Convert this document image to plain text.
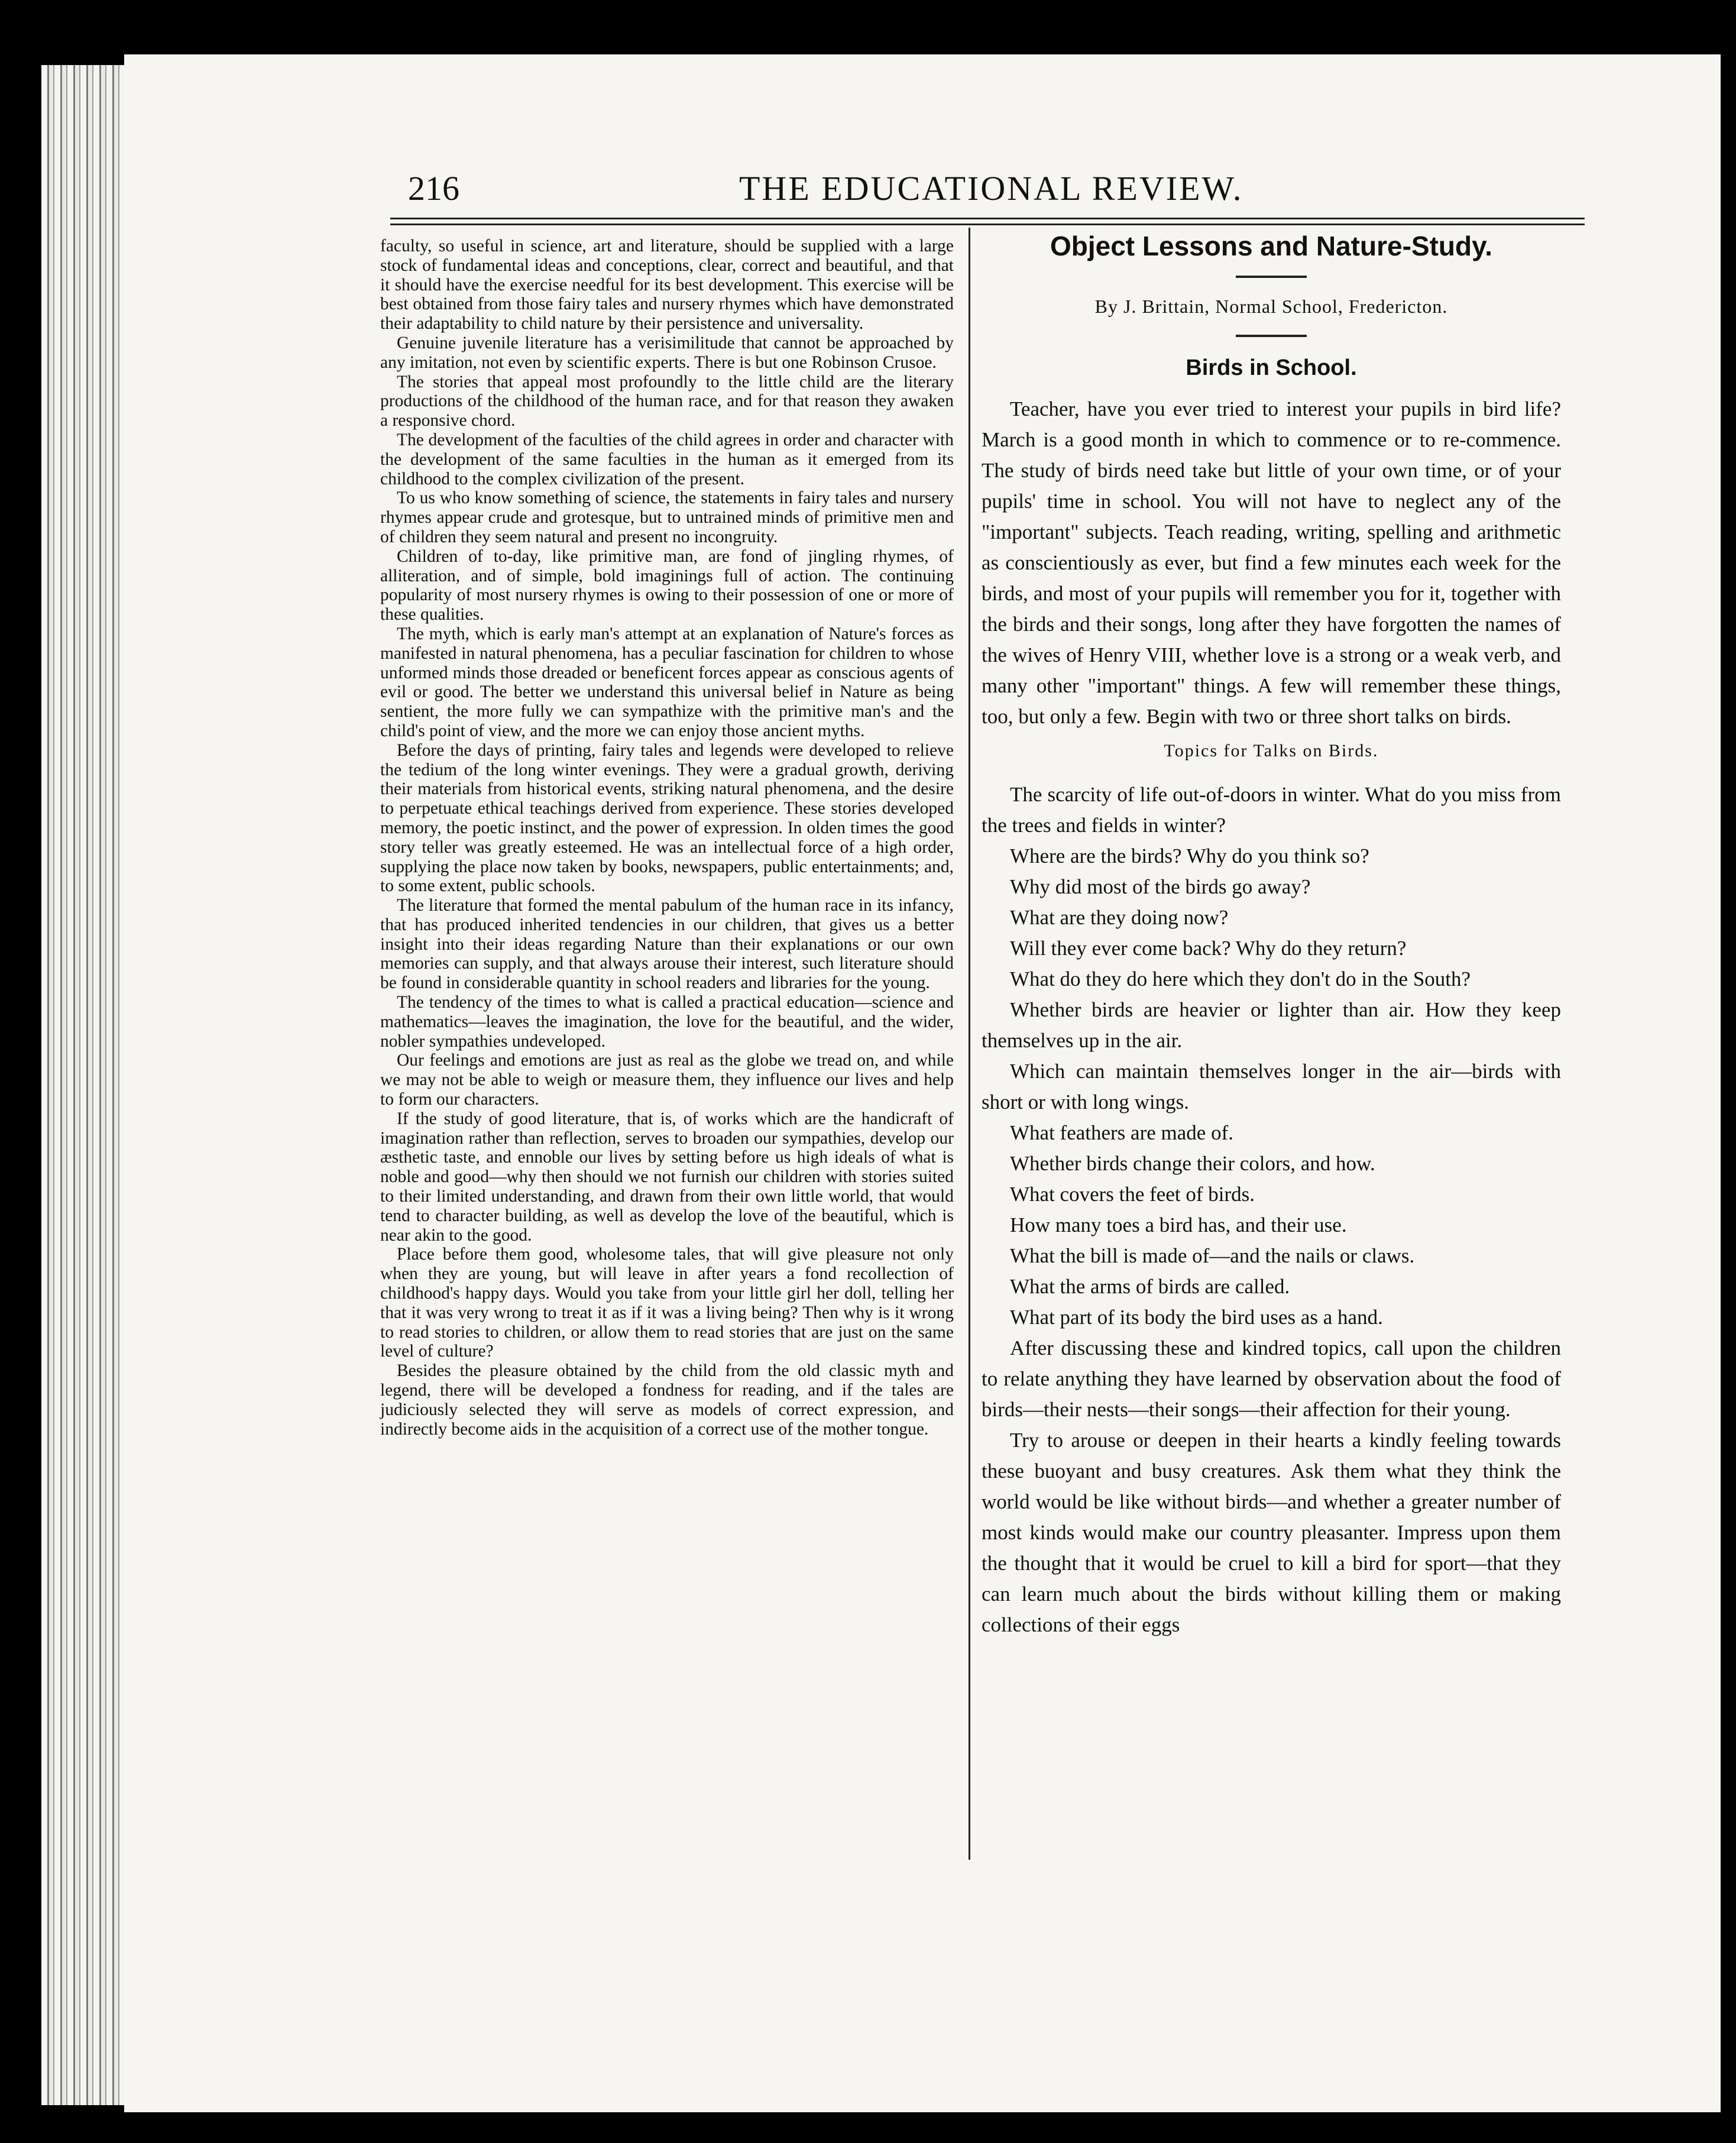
216	THE EDUCATIONAL REVIEW.

faculty, so useful in science, art and literature, should be supplied with a large stock of fundamental ideas and conceptions, clear, correct and beautiful, and that it should have the exercise needful for its best development. This exercise will be best obtained from those fairy tales and nursery rhymes which have demonstrated their adaptability to child nature by their persistence and universality.

Genuine juvenile literature has a verisimilitude that cannot be approached by any imitation, not even by scientific experts. There is but one Robinson Crusoe.

The stories that appeal most profoundly to the little child are the literary productions of the childhood of the human race, and for that reason they awaken a responsive chord.

The development of the faculties of the child agrees in order and character with the development of the same faculties in the human as it emerged from its childhood to the complex civilization of the present.

To us who know something of science, the statements in fairy tales and nursery rhymes appear crude and grotesque, but to untrained minds of primitive men and of children they seem natural and present no incongruity.

Children of to-day, like primitive man, are fond of jingling rhymes, of alliteration, and of simple, bold imaginings full of action. The continuing popularity of most nursery rhymes is owing to their possession of one or more of these qualities.

The myth, which is early man's attempt at an explanation of Nature's forces as manifested in natural phenomena, has a peculiar fascination for children to whose unformed minds those dreaded or beneficent forces appear as conscious agents of evil or good. The better we understand this universal belief in Nature as being sentient, the more fully we can sympathize with the primitive man's and the child's point of view, and the more we can enjoy those ancient myths.

Before the days of printing, fairy tales and legends were developed to relieve the tedium of the long winter evenings. They were a gradual growth, deriving their materials from historical events, striking natural phenomena, and the desire to perpetuate ethical teachings derived from experience. These stories developed memory, the poetic instinct, and the power of expression. In olden times the good story teller was greatly esteemed. He was an intellectual force of a high order, supplying the place now taken by books, newspapers, public entertainments; and, to some extent, public schools.

The literature that formed the mental pabulum of the human race in its infancy, that has produced inherited tendencies in our children, that gives us a better insight into their ideas regarding Nature than their explanations or our own memories can supply, and that always arouse their interest, such literature should be found in considerable quantity in school readers and libraries for the young.

The tendency of the times to what is called a practical education—science and mathematics—leaves the imagination, the love for the beautiful, and the wider, nobler sympathies undeveloped.

Our feelings and emotions are just as real as the globe we tread on, and while we may not be able to weigh or measure them, they influence our lives and help to form our characters.

If the study of good literature, that is, of works which are the handicraft of imagination rather than reflection, serves to broaden our sympathies, develop our æsthetic taste, and ennoble our lives by setting before us high ideals of what is noble and good—why then should we not furnish our children with stories suited to their limited understanding, and drawn from their own little world, that would tend to character building, as well as develop the love of the beautiful, which is near akin to the good.

Place before them good, wholesome tales, that will give pleasure not only when they are young, but will leave in after years a fond recollection of childhood's happy days. Would you take from your little girl her doll, telling her that it was very wrong to treat it as if it was a living being? Then why is it wrong to read stories to children, or allow them to read stories that are just on the same level of culture?

Besides the pleasure obtained by the child from the old classic myth and legend, there will be developed a fondness for reading, and if the tales are judiciously selected they will serve as models of correct expression, and indirectly become aids in the acquisition of a correct use of the mother tongue.

Object Lessons and Nature-Study.
By J. Brittain, Normal School, Fredericton.
Birds in School.

Teacher, have you ever tried to interest your pupils in bird life? March is a good month in which to commence or to re-commence. The study of birds need take but little of your own time, or of your pupils' time in school. You will not have to neglect any of the "important" subjects. Teach reading, writing, spelling and arithmetic as conscientiously as ever, but find a few minutes each week for the birds, and most of your pupils will remember you for it, together with the birds and their songs, long after they have forgotten the names of the wives of Henry VIII, whether love is a strong or a weak verb, and many other "important" things. A few will remember these things, too, but only a few. Begin with two or three short talks on birds.

Topics for Talks on Birds.

The scarcity of life out-of-doors in winter. What do you miss from the trees and fields in winter?

Where are the birds? Why do you think so?

Why did most of the birds go away?

What are they doing now?

Will they ever come back? Why do they return?

What do they do here which they don't do in the South?

Whether birds are heavier or lighter than air. How they keep themselves up in the air.

Which can maintain themselves longer in the air—birds with short or with long wings.

What feathers are made of.

Whether birds change their colors, and how.

What covers the feet of birds.

How many toes a bird has, and their use.

What the bill is made of—and the nails or claws.

What the arms of birds are called.

What part of its body the bird uses as a hand.

After discussing these and kindred topics, call upon the children to relate anything they have learned by observation about the food of birds—their nests—their songs—their affection for their young.

Try to arouse or deepen in their hearts a kindly feeling towards these buoyant and busy creatures. Ask them what they think the world would be like without birds—and whether a greater number of most kinds would make our country pleasanter. Impress upon them the thought that it would be cruel to kill a bird for sport—that they can learn much about the birds without killing them or making collections of their eggs
